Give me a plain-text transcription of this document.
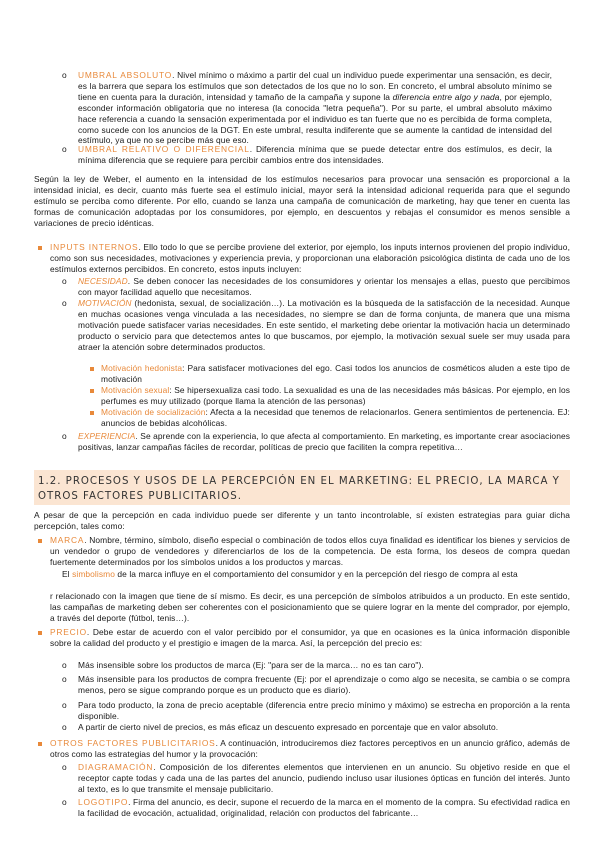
o UMBRAL ABSOLUTO. Nivel mínimo o máximo a partir del cual un individuo puede experimentar una sensación, es decir, es la barrera que separa los estímulos que son detectados de los que no lo son. En concreto, el umbral absoluto mínimo se tiene en cuenta para la duración, intensidad y tamaño de la campaña y supone la diferencia entre algo y nada, por ejemplo, esconder información obligatoria que no interesa (la conocida "letra pequeña"). Por su parte, el umbral absoluto máximo hace referencia a cuando la sensación experimentada por el individuo es tan fuerte que no es percibida de forma completa, como sucede con los anuncios de la DGT. En este umbral, resulta indiferente que se aumente la cantidad de intensidad del estímulo, ya que no se percibe más que eso.
o UMBRAL RELATIVO O DIFERENCIAL. Diferencia mínima que se puede detectar entre dos estímulos, es decir, la mínima diferencia que se requiere para percibir cambios entre dos intensidades.
Según la ley de Weber, el aumento en la intensidad de los estímulos necesarios para provocar una sensación es proporcional a la intensidad inicial, es decir, cuanto más fuerte sea el estímulo inicial, mayor será la intensidad adicional requerida para que el segundo estímulo se perciba como diferente. Por ello, cuando se lanza una campaña de comunicación de marketing, hay que tener en cuenta las formas de comunicación adoptadas por los consumidores, por ejemplo, en descuentos y rebajas el consumidor es menos sensible a variaciones de precio idénticas.
INPUTS INTERNOS. Ello todo lo que se percibe proviene del exterior, por ejemplo, los inputs internos provienen del propio individuo, como son sus necesidades, motivaciones y experiencia previa, y proporcionan una elaboración psicológica distinta de cada uno de los estímulos externos percibidos. En concreto, estos inputs incluyen:
o NECESIDAD. Se deben conocer las necesidades de los consumidores y orientar los mensajes a ellas, puesto que percibimos con mayor facilidad aquello que necesitamos.
o MOTIVACIÓN (hedonista, sexual, de socialización…). La motivación es la búsqueda de la satisfacción de la necesidad. Aunque en muchas ocasiones venga vinculada a las necesidades, no siempre se dan de forma conjunta, de manera que una misma motivación puede satisfacer varias necesidades. En este sentido, el marketing debe orientar la motivación hacia un determinado producto o servicio para que detectemos antes lo que buscamos, por ejemplo, la motivación sexual suele ser muy usada para atraer la atención sobre determinados productos.
Motivación hedonista: Para satisfacer motivaciones del ego. Casi todos los anuncios de cosméticos aluden a este tipo de motivación
Motivación sexual: Se hipersexualiza casi todo. La sexualidad es una de las necesidades más básicas. Por ejemplo, en los perfumes es muy utilizado (porque llama la atención de las personas)
Motivación de socialización: Afecta a la necesidad que tenemos de relacionarlos. Genera sentimientos de pertenencia. EJ: anuncios de bebidas alcohólicas.
o EXPERIENCIA. Se aprende con la experiencia, lo que afecta al comportamiento. En marketing, es importante crear asociaciones positivas, lanzar campañas fáciles de recordar, políticas de precio que faciliten la compra repetitiva…
1.2. PROCESOS Y USOS DE LA PERCEPCIÓN EN EL MARKETING: EL PRECIO, LA MARCA Y OTROS FACTORES PUBLICITARIOS.
A pesar de que la percepción en cada individuo puede ser diferente y un tanto incontrolable, sí existen estrategias para guiar dicha percepción, tales como:
MARCA. Nombre, término, símbolo, diseño especial o combinación de todos ellos cuya finalidad es identificar los bienes y servicios de un vendedor o grupo de vendedores y diferenciarlos de los de la competencia. De esta forma, los deseos de compra quedan fuertemente determinados por los símbolos unidos a los productos y marcas.
El simbolismo de la marca influye en el comportamiento del consumidor y en la percepción del riesgo de compra al esta
r relacionado con la imagen que tiene de sí mismo. Es decir, es una percepción de símbolos atribuidos a un producto. En este sentido, las campañas de marketing deben ser coherentes con el posicionamiento que se quiere lograr en la mente del comprador, por ejemplo, a través del deporte (fútbol, tenis…).
PRECIO. Debe estar de acuerdo con el valor percibido por el consumidor, ya que en ocasiones es la única información disponible sobre la calidad del producto y el prestigio e imagen de la marca. Así, la percepción del precio es:
o Más insensible sobre los productos de marca (Ej: "para ser de la marca… no es tan caro").
o Más insensible para los productos de compra frecuente (Ej: por el aprendizaje o como algo se necesita, se cambia o se compra menos, pero se sigue comprando porque es un producto que es diario).
o Para todo producto, la zona de precio aceptable (diferencia entre precio mínimo y máximo) se estrecha en proporción a la renta disponible.
o A partir de cierto nivel de precios, es más eficaz un descuento expresado en porcentaje que en valor absoluto.
OTROS FACTORES PUBLICITARIOS. A continuación, introduciremos diez factores perceptivos en un anuncio gráfico, además de otros como las estrategias del humor y la provocación:
o DIAGRAMACIÓN. Composición de los diferentes elementos que intervienen en un anuncio. Su objetivo reside en que el receptor capte todas y cada una de las partes del anuncio, pudiendo incluso usar ilusiones ópticas en función del interés. Junto al texto, es lo que transmite el mensaje publicitario.
o LOGOTIPO. Firma del anuncio, es decir, supone el recuerdo de la marca en el momento de la compra. Su efectividad radica en la facilidad de evocación, actualidad, originalidad, relación con productos del fabricante…
